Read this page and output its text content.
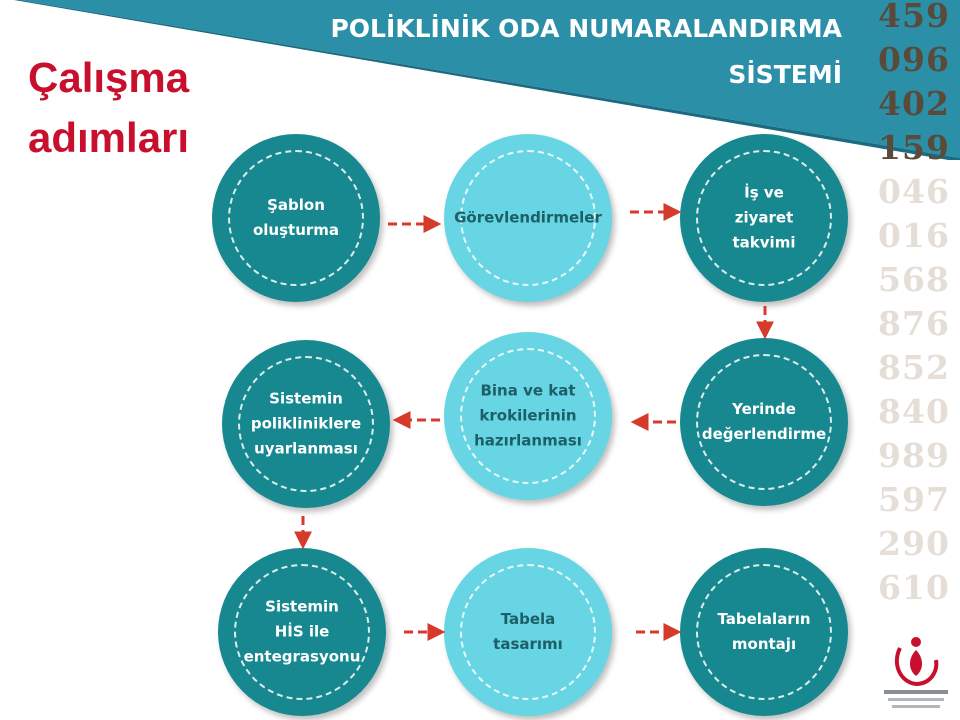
POLİKLİNİK ODA NUMARALANDIRMA SİSTEMİ
Çalışma
adımları
459
096
402
159
046
016
568
876
852
840
989
597
290
610
Şablon
oluşturma
Görevlendirmeler
İş ve
ziyaret
takvimi
Yerinde
değerlendirme
Bina ve kat
krokilerinin
hazırlanması
Sistemin
polikliniklere
uyarlanması
Sistemin
HİS ile
entegrasyonu
Tabela
tasarımı
Tabelaların
montajı
